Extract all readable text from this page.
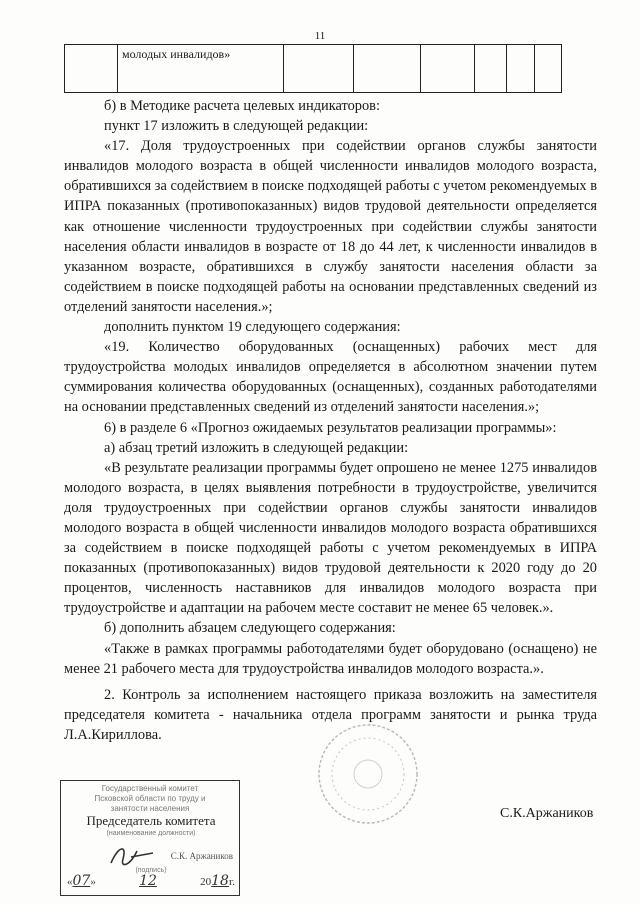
11
	молодых инвалидов»						

б) в Методике расчета целевых индикаторов:

пункт 17 изложить в следующей редакции:

«17. Доля трудоустроенных при содействии органов службы занятости инвалидов молодого возраста в общей численности инвалидов молодого возраста, обратившихся за содействием в поиске подходящей работы с учетом рекомендуемых в ИПРА показанных (противопоказанных) видов трудовой деятельности определяется как отношение численности трудоустроенных при содействии службы занятости населения области инвалидов в возрасте от 18 до 44 лет, к численности инвалидов в указанном возрасте, обратившихся в службу занятости населения области за содействием в поиске подходящей работы на основании представленных сведений из отделений занятости населения.»;

дополнить пунктом 19 следующего содержания:

«19. Количество оборудованных (оснащенных) рабочих мест для трудоустройства молодых инвалидов определяется в абсолютном значении путем суммирования количества оборудованных (оснащенных), созданных работодателями на основании представленных сведений из отделений занятости населения.»;

6) в разделе 6 «Прогноз ожидаемых результатов реализации программы»:

а) абзац третий изложить в следующей редакции:

«В результате реализации программы будет опрошено не менее 1275 инвалидов молодого возраста, в целях выявления потребности в трудоустройстве, увеличится доля трудоустроенных при содействии органов службы занятости инвалидов молодого возраста в общей численности инвалидов молодого возраста обратившихся за содействием в поиске подходящей работы с учетом рекомендуемых в ИПРА показанных (противопоказанных) видов трудовой деятельности к 2020 году до 20 процентов, численность наставников для инвалидов молодого возраста при трудоустройстве и адаптации на рабочем месте составит не менее 65 человек.».

б) дополнить абзацем следующего содержания:

«Также в рамках программы работодателями будет оборудовано (оснащено) не менее 21 рабочего места для трудоустройства инвалидов молодого возраста.».

2. Контроль за исполнением настоящего приказа возложить на заместителя председателя комитета - начальника отдела программ занятости и рынка труда Л.А.Кириллова.

Государственный комитет
Псковской области по труду и
занятости населения
Председатель комитета
(наименование должности)
С.К. Аржаников
(подпись)
«07»	12	2018г.
С.К.Аржаников
